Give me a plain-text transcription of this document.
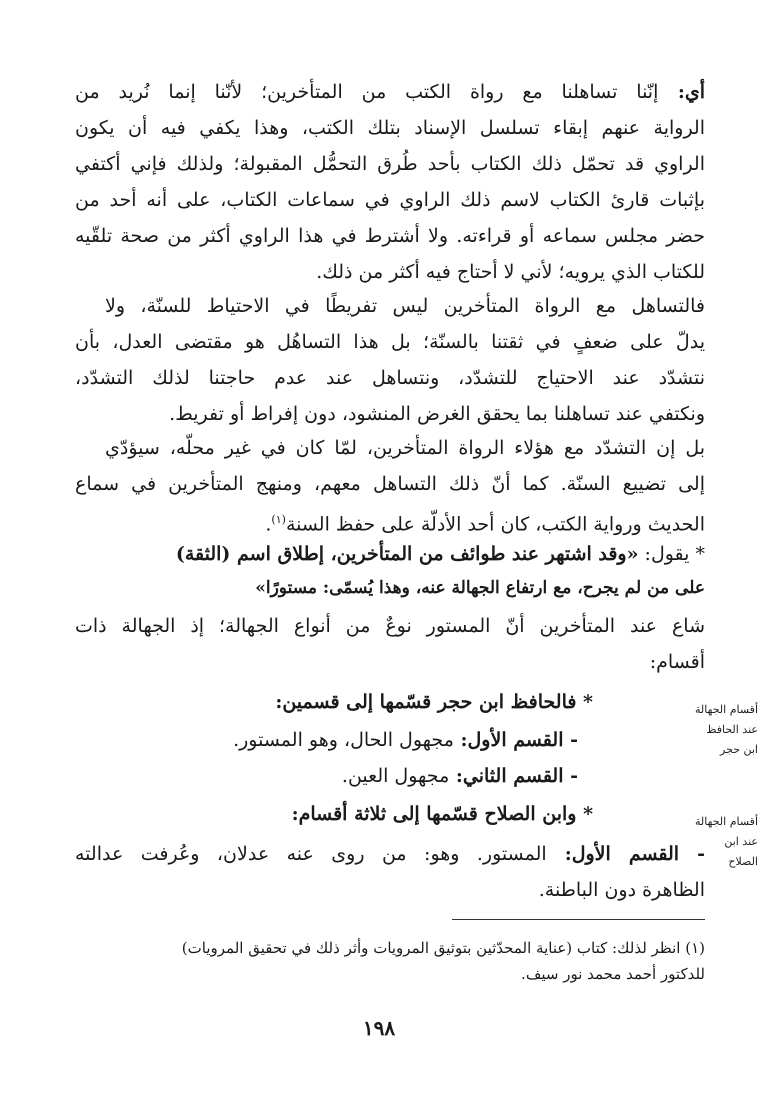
أي: إنّنا تساهلنا مع رواة الكتب من المتأخرين؛ لأنّنا إنما نُريد من
الرواية عنهم إبقاء تسلسل الإسناد بتلك الكتب، وهذا يكفي فيه أن يكون
الراوي قد تحمّل ذلك الكتاب بأحد طُرق التحمُّل المقبولة؛ ولذلك فإني أكتفي
بإثبات قارئ الكتاب لاسم ذلك الراوي في سماعات الكتاب، على أنه أحد من
حضر مجلس سماعه أو قراءته. ولا أشترط في هذا الراوي أكثر من صحة تلقّيه
للكتاب الذي يرويه؛ لأني لا أحتاج فيه أكثر من ذلك.
فالتساهل مع الرواة المتأخرين ليس تفريطًا في الاحتياط للسنّة، ولا
يدلّ على ضعفٍ في ثقتنا بالسنّة؛ بل هذا التساهُل هو مقتضى العدل، بأن
نتشدّد عند الاحتياج للتشدّد، ونتساهل عند عدم حاجتنا لذلك التشدّد،
ونكتفي عند تساهلنا بما يحقق الغرض المنشود، دون إفراط أو تفريط.
بل إن التشدّد مع هؤلاء الرواة المتأخرين، لمّا كان في غير محلّه، سيؤدّي
إلى تضييع السنّة. كما أنّ ذلك التساهل معهم، ومنهج المتأخرين في سماع
الحديث ورواية الكتب، كان أحد الأدلّة على حفظ السنة$^{(١)}$.
* يقول: «وقد اشتهر عند طوائف من المتأخرين، إطلاق اسم (الثقة)
على من لم يجرح، مع ارتفاع الجهالة عنه، وهذا يُسمّى: مستورًا»
شاع عند المتأخرين أنّ المستور نوعٌ من أنواع الجهالة؛ إذ الجهالة ذات
أقسام:
* فالحافظ ابن حجر قسّمها إلى قسمين:
- القسم الأول: مجهول الحال، وهو المستور.
- القسم الثاني: مجهول العين.
* وابن الصلاح قسّمها إلى ثلاثة أقسام:
- القسم الأول: المستور. وهو: من روى عنه عدلان، وعُرفت عدالته
الظاهرة دون الباطنة.
أقسام الجهالة
عند الحافظ
ابن حجر
أقسام الجهالة
عند ابن
الصلاح
(١) انظر لذلك: كتاب (عناية المحدّثين بتوثيق المرويات وأثر ذلك في تحقيق المرويات)
للدكتور أحمد محمد نور سيف.
١٩٨
